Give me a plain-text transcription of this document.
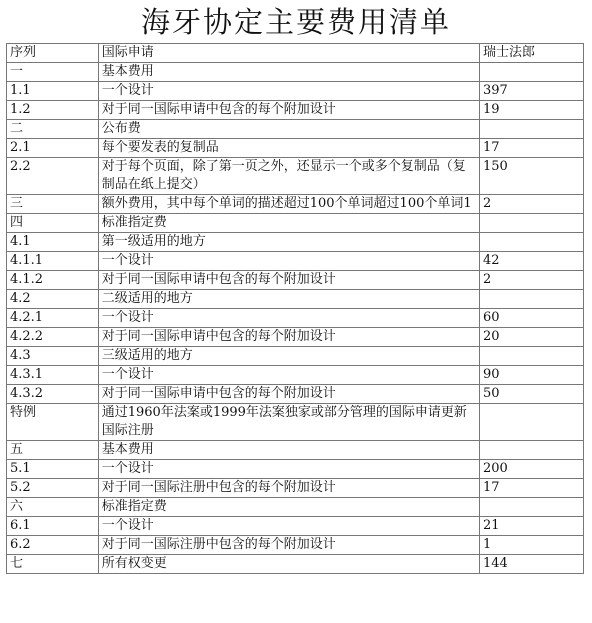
海牙协定主要费用清单
序列	国际申请	瑞士法郎
一	基本费用	
1.1	一个设计	397
1.2	对于同一国际申请中包含的每个附加设计	19
二	公布费	
2.1	每个要发表的复制品	17
2.2	对于每个页面，除了第一页之外，还显示一个或多个复制品（复制品在纸上提交）	150
三	额外费用，其中每个单词的描述超过100个单词超过100个单词1	2
四	标准指定费	
4.1	第一级适用的地方	
4.1.1	一个设计	42
4.1.2	对于同一国际申请中包含的每个附加设计	2
4.2	二级适用的地方	
4.2.1	一个设计	60
4.2.2	对于同一国际申请中包含的每个附加设计	20
4.3	三级适用的地方	
4.3.1	一个设计	90
4.3.2	对于同一国际申请中包含的每个附加设计	50
特例	通过1960年法案或1999年法案独家或部分管理的国际申请更新国际注册	
五	基本费用	
5.1	一个设计	200
5.2	对于同一国际注册中包含的每个附加设计	17
六	标准指定费	
6.1	一个设计	21
6.2	对于同一国际注册中包含的每个附加设计	1
七	所有权变更	144
